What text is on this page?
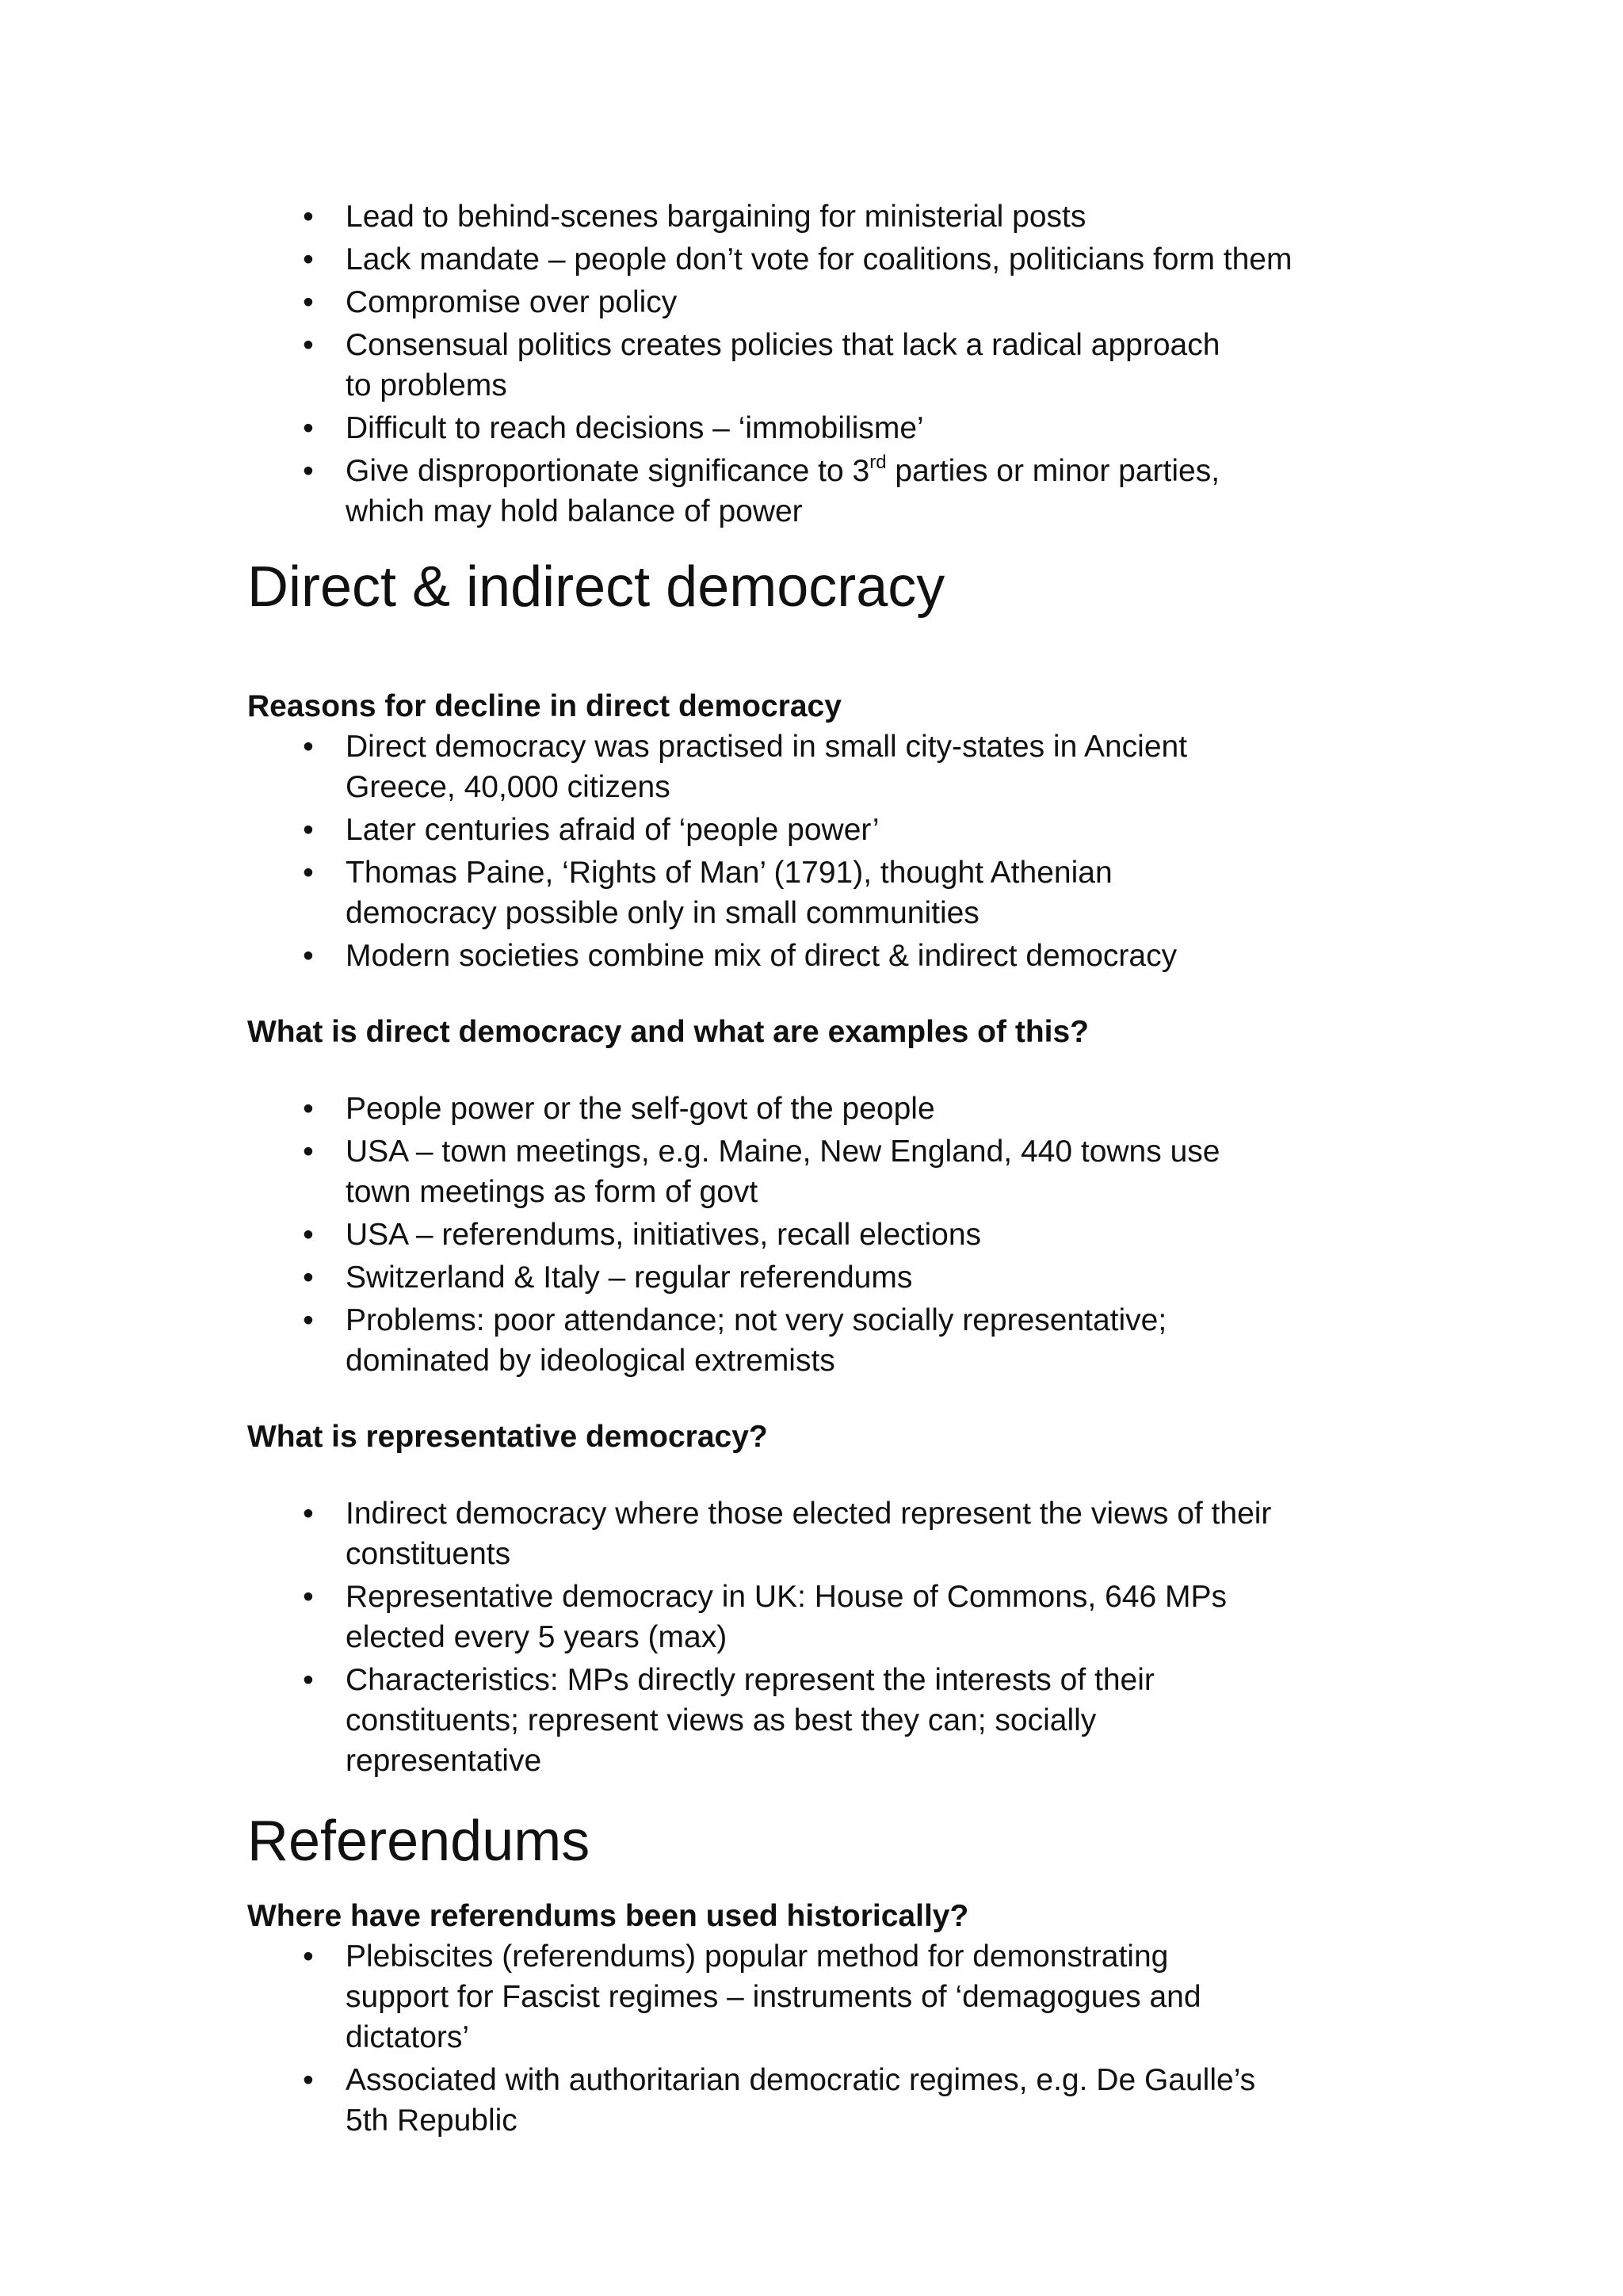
• Lead to behind-scenes bargaining for ministerial posts
• Lack mandate – people don’t vote for coalitions, politicians form them
• Compromise over policy
• Consensual politics creates policies that lack a radical approach to problems
• Difficult to reach decisions – ‘immobilisme’
• Give disproportionate significance to 3rd parties or minor parties, which may hold balance of power
Direct & indirect democracy
Reasons for decline in direct democracy
• Direct democracy was practised in small city-states in Ancient Greece, 40,000 citizens
• Later centuries afraid of ‘people power’
• Thomas Paine, ‘Rights of Man’ (1791), thought Athenian democracy possible only in small communities
• Modern societies combine mix of direct & indirect democracy
What is direct democracy and what are examples of this?
• People power or the self-govt of the people
• USA – town meetings, e.g. Maine, New England, 440 towns use town meetings as form of govt
• USA – referendums, initiatives, recall elections
• Switzerland & Italy – regular referendums
• Problems: poor attendance; not very socially representative; dominated by ideological extremists
What is representative democracy?
• Indirect democracy where those elected represent the views of their constituents
• Representative democracy in UK: House of Commons, 646 MPs elected every 5 years (max)
• Characteristics: MPs directly represent the interests of their constituents; represent views as best they can; socially representative
Referendums
Where have referendums been used historically?
• Plebiscites (referendums) popular method for demonstrating support for Fascist regimes – instruments of ‘demagogues and dictators’
• Associated with authoritarian democratic regimes, e.g. De Gaulle’s 5th Republic
